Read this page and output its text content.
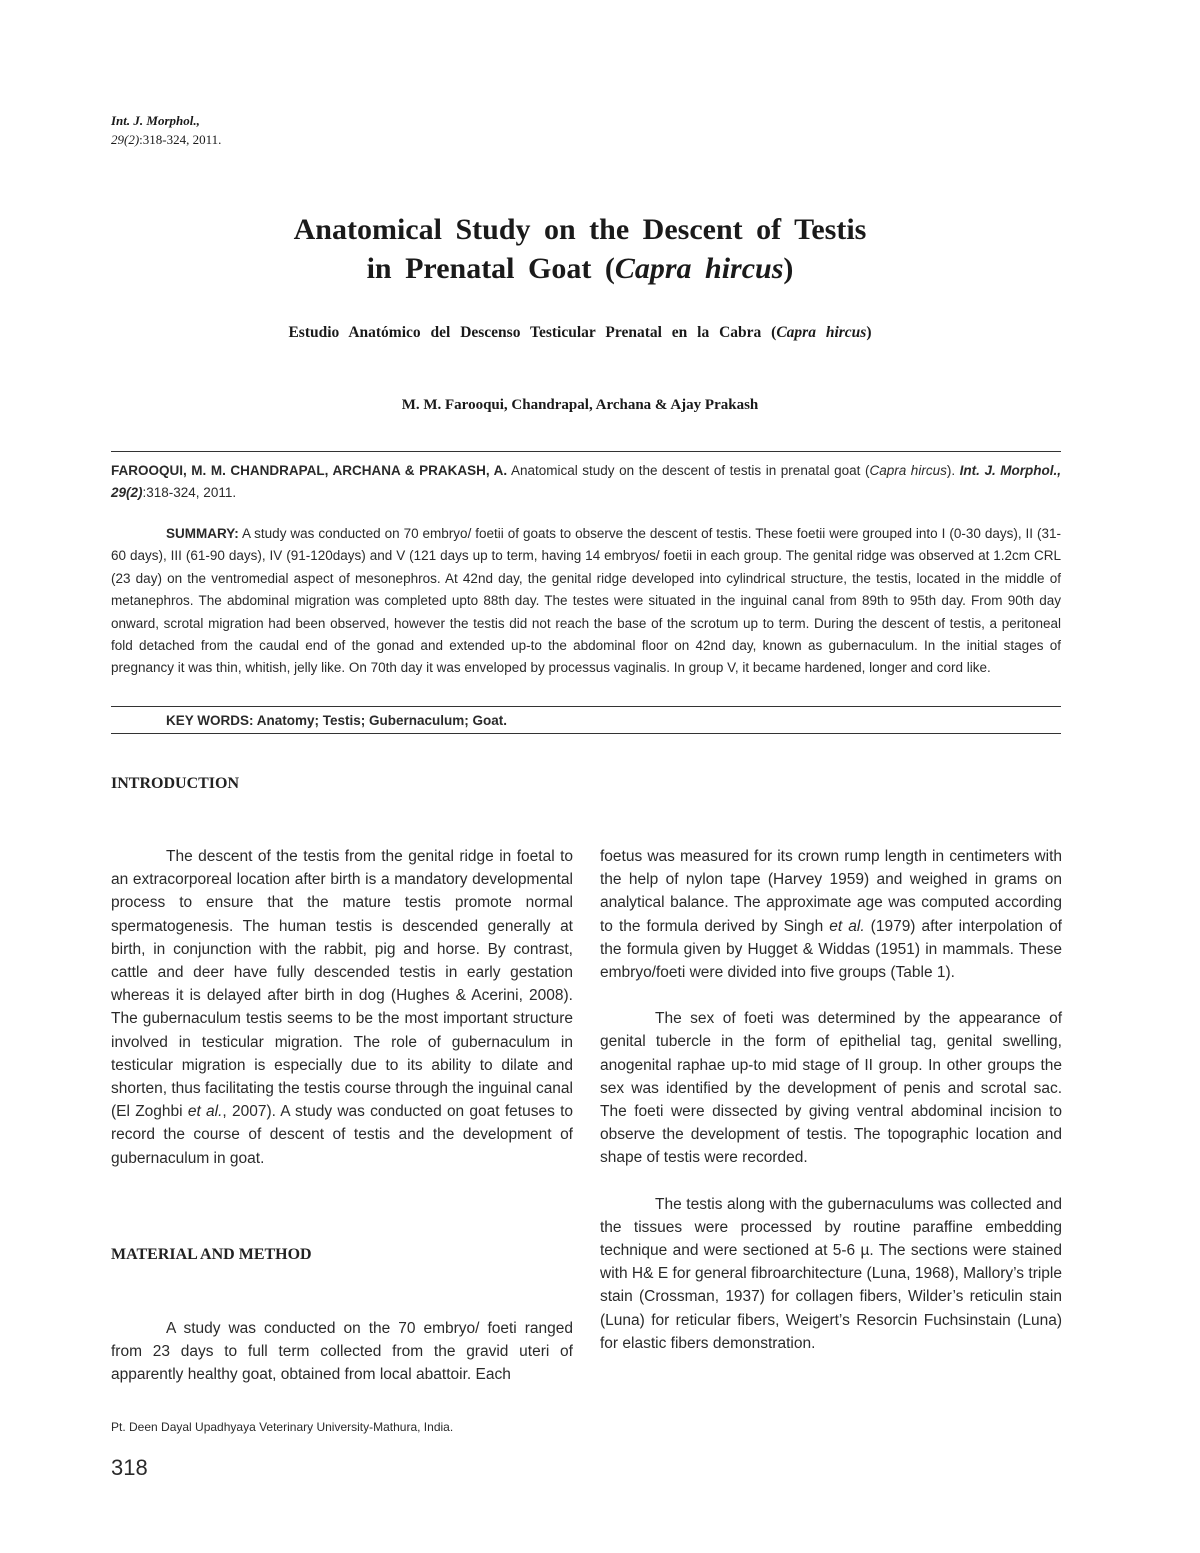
Int. J. Morphol.,
29(2):318-324, 2011.
Anatomical Study on the Descent of Testis
in Prenatal Goat (Capra hircus)
Estudio Anatómico del Descenso Testicular Prenatal en la Cabra (Capra hircus)
M. M. Farooqui, Chandrapal, Archana & Ajay Prakash
FAROOQUI, M. M. CHANDRAPAL, ARCHANA & PRAKASH, A. Anatomical study on the descent of testis in prenatal goat (Capra hircus). Int. J. Morphol., 29(2):318-324, 2011.
SUMMARY: A study was conducted on 70 embryo/ foetii of goats to observe the descent of testis. These foetii were grouped into I (0-30 days), II (31-60 days), III (61-90 days), IV (91-120days) and V (121 days up to term, having 14 embryos/ foetii in each group. The genital ridge was observed at 1.2cm CRL (23 day) on the ventromedial aspect of mesonephros. At 42nd day, the genital ridge developed into cylindrical structure, the testis, located in the middle of metanephros. The abdominal migration was completed upto 88th day. The testes were situated in the inguinal canal from 89th to 95th day. From 90th day onward, scrotal migration had been observed, however the testis did not reach the base of the scrotum up to term. During the descent of testis, a peritoneal fold detached from the caudal end of the gonad and extended up-to the abdominal floor on 42nd day, known as gubernaculum. In the initial stages of pregnancy it was thin, whitish, jelly like. On 70th day it was enveloped by processus vaginalis. In group V, it became hardened, longer and cord like.
KEY WORDS: Anatomy; Testis; Gubernaculum; Goat.
INTRODUCTION

The descent of the testis from the genital ridge in foetal to an extracorporeal location after birth is a mandatory developmental process to ensure that the mature testis promote normal spermatogenesis. The human testis is descended generally at birth, in conjunction with the rabbit, pig and horse. By contrast, cattle and deer have fully descended testis in early gestation whereas it is delayed after birth in dog (Hughes & Acerini, 2008). The gubernaculum testis seems to be the most important structure involved in testicular migration. The role of gubernaculum in testicular migration is especially due to its ability to dilate and shorten, thus facilitating the testis course through the inguinal canal (El Zoghbi et al., 2007). A study was conducted on goat fetuses to record the course of descent of testis and the development of gubernaculum in goat.

MATERIAL AND METHOD

A study was conducted on the 70 embryo/ foeti ranged from 23 days to full term collected from the gravid uteri of apparently healthy goat, obtained from local abattoir. Each

foetus was measured for its crown rump length in centimeters with the help of nylon tape (Harvey 1959) and weighed in grams on analytical balance. The approximate age was computed according to the formula derived by Singh et al. (1979) after interpolation of the formula given by Hugget & Widdas (1951) in mammals. These embryo/foeti were divided into five groups (Table 1).

The sex of foeti was determined by the appearance of genital tubercle in the form of epithelial tag, genital swelling, anogenital raphae up-to mid stage of II group. In other groups the sex was identified by the development of penis and scrotal sac. The foeti were dissected by giving ventral abdominal incision to observe the development of testis. The topographic location and shape of testis were recorded.

The testis along with the gubernaculums was collected and the tissues were processed by routine paraffine embedding technique and were sectioned at 5-6 µ. The sections were stained with H& E for general fibroarchitecture (Luna, 1968), Mallory’s triple stain (Crossman, 1937) for collagen fibers, Wilder’s reticulin stain (Luna) for reticular fibers, Weigert’s Resorcin Fuchsinstain (Luna) for elastic fibers demonstration.

Pt. Deen Dayal Upadhyaya Veterinary University-Mathura, India.
318
